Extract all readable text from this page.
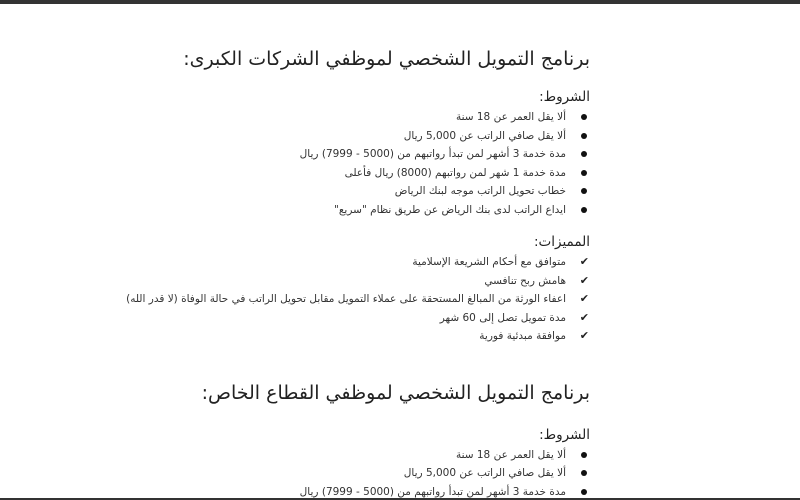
برنامج التمويل الشخصي لموظفي الشركات الكبرى:
الشروط:
ألا يقل العمر عن 18 سنة
ألا يقل صافي الراتب عن 5,000 ريال
مدة خدمة 3 أشهر لمن تبدأ رواتبهم من (5000 - 7999) ريال
مدة خدمة 1 شهر لمن رواتبهم (8000) ريال فأعلى
خطاب تحويل الراتب موجه لبنك الرياض
ايداع الراتب لدى بنك الرياض عن طريق نظام "سريع"
المميزات:
✔
متوافق مع أحكام الشريعة الإسلامية
✔
هامش ربح تنافسي
✔
اعفاء الورثة من المبالغ المستحقة على عملاء التمويل مقابل تحويل الراتب في حالة الوفاة (لا قدر الله)
✔
مدة تمويل تصل إلى 60 شهر
✔
موافقة مبدئية فورية
برنامج التمويل الشخصي لموظفي القطاع الخاص:
الشروط:
ألا يقل العمر عن 18 سنة
ألا يقل صافي الراتب عن 5,000 ريال
مدة خدمة 3 أشهر لمن تبدأ رواتبهم من (5000 - 7999) ريال
